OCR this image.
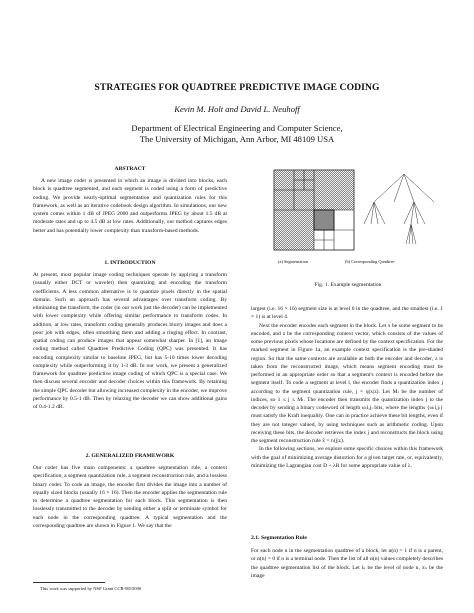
STRATEGIES FOR QUADTREE PREDICTIVE IMAGE CODING
Kevin M. Holt and David L. Neuhoff
Department of Electrical Engineering and Computer Science,
The University of Michigan, Ann Arbor, MI 48109 USA
ABSTRACT

A new image coder is presented in which an image is divided into blocks, each block is quadtree segmented, and each segment is coded using a form of predictive coding. We provide nearly-optimal segmentation and quantization rules for this framework, as well as an iterative codebook design algorithm. In simulations, our new system comes within 1 dB of JPEG 2000 and outperforms JPEG by about 1.5 dB at moderate rates and up to 4.5 dB at low rates. Additionally, our method captures edges better and has potentially lower complexity than transform-based methods.

1. INTRODUCTION

At present, most popular image coding techniques operate by applying a transform (usually either DCT or wavelet) then quantizing and encoding the transform coefficients. A less common alternative is to quantize pixels directly in the spatial domain. Such an approach has several advantages over transform coding. By eliminating the transform, the coder (in our work just the decoder) can be implemented with lower complexity while offering similar performance to transform codes. In addition, at low rates, transform coding generally produces blurry images and does a poor job with edges, often smoothing them and adding a ringing effect. In contrast, spatial coding can produce images that appear somewhat sharper. In [1], an image coding method called Quadtree Predictive Coding (QPC) was presented. It has encoding complexity similar to baseline JPEG, but has 5-10 times lower decoding complexity while outperforming it by 1-3 dB. In our work, we present a generalized framework for quadtree predictive image coding of which QPC is a special case. We then discuss several encoder and decoder choices within this framework. By retaining the simple QPC decoder but allowing increased complexity in the encoder, we improve performance by 0.5-1 dB. Then by relaxing the decoder we can show additional gains of 0.4-1.2 dB.

2. GENERALIZED FRAMEWORK

Our coder has five main components: a quadtree segmentation rule, a context specification, a segment quantization rule, a segment reconstruction rule, and a lossless binary coder. To code an image, the encoder first divides the image into a number of equally sized blocks (usually 16 × 16). Then the encoder applies the segmentation rule to determine a quadtree segmentation for each block. This segmentation is then losslessly transmitted to the decoder by sending either a split or terminate symbol for each node in the corresponding quadtree. A typical segmentation and the corresponding quadtree are shown in Figure 1. We say that the

This work was supported by NSF Grant CCR-9815006
(a) Segmentation	(b) Corresponding Quadtree
Fig. 1. Example segmentation

largest (i.e. 16 × 16) segment size is at level 0 in the quadtree, and the smallest (i.e. 1 × 1) is at level 4.

Next the encoder encodes each segment in the block. Let x be some segment to be encoded, and z be the corresponding context vector, which consists of the values of some previous pixels whose locations are defined by the context specification. For the marked segment in Figure 1a, an example context specification is the pre-shaded region. So that the same contexts are available at both the encoder and decoder, z is taken from the reconstructed image, which means segment encoding must be performed in an appropriate order so that a segment's context is encoded before the segment itself. To code a segment at level l, the encoder finds a quantization index j according to the segment quantization rule, j = q(x|z). Let Mₗ be the number of indices, so 1 ≤ j ≤ Mₗ. The encoder then transmits the quantization index j to the decoder by sending a binary codeword of length ω₍l,j₎ bits, where the lengths {ω₍l,j₎} must satisfy the Kraft inequality. One can in practice achieve these bit lengths, even if they are not integer valued, by using techniques such as arithmetic coding. Upon receiving these bits, the decoder retrieves the index j and reconstructs the block using the segment reconstruction rule x̂ = rₗ(j|z).

In the following sections, we explore some specific choices within this framework with the goal of minimizing average distortion for a given target rate, or, equivalently, minimizing the Lagrangian cost D + λR for some appropriate value of λ.

2.1. Segmentation Rule

For each node n in the segmentation quadtree of a block, let α(n) = 1 if n is a parent, or α(n) = 0 if n is a terminal node. Then the list of all α(n) values completely describes the quadtree segmentation list of the block. Let lₙ be the level of node n, xₙ be the image
